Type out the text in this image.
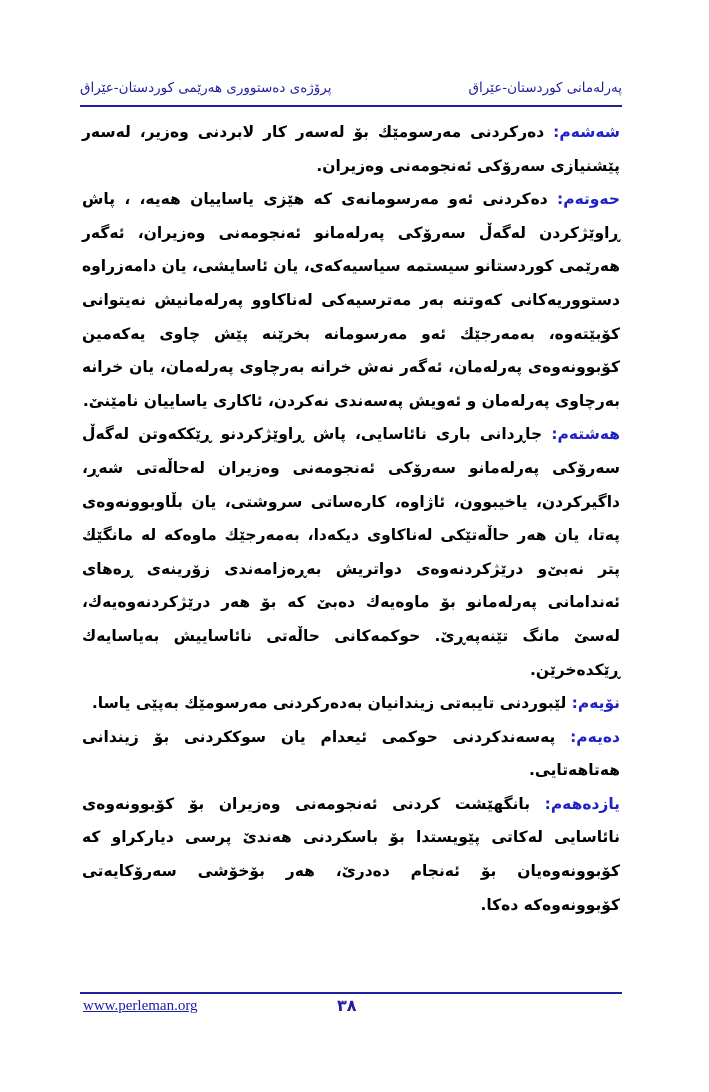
پەرلەمانی کوردستان-عێراق
پرۆژەی دەستووری هەرێمی کوردستان-عێراق

شەشەم: دەرکردنی مەرسومێك بۆ لەسەر کار لابردنی وەزیر، لەسەر پێشنیازی سەرۆکی ئەنجومەنی وەزیران.

حەوتەم: دەکردنی ئەو مەرسومانەی کە هێزی یاساییان هەیە، ، پاش ڕاوێژکردن لەگەڵ سەرۆکی پەرلەمانو ئەنجومەنی وەزیران، ئەگەر هەرێمی کوردستانو سیستمە سیاسیەکەی، یان ئاسایشی، یان دامەزراوە دستووریەکانی کەوتنە بەر مەترسیەکی لەناکاوو پەرلەمانیش نەیتوانی کۆبێتەوە، بەمەرجێك ئەو مەرسومانە بخرێنە پێش چاوی یەکەمین کۆبوونەوەی پەرلەمان، ئەگەر نەش خرانە بەرچاوی پەرلەمان، یان خرانە بەرچاوی پەرلەمان و ئەویش پەسەندی نەکردن، ئاکاری یاساییان نامێنێ.

هەشتەم: جاڕدانی باری نائاسایی، پاش ڕاوێژکردنو ڕێککەوتن لەگەڵ سەرۆکی پەرلەمانو سەرۆکی ئەنجومەنی وەزیران لەحاڵەتی شەڕ، داگیرکردن، یاخیبوون، ئاژاوە، کارەساتی سروشتی، یان بڵاوبوونەوەی پەتا، یان هەر حاڵەتێکی لەناکاوی دیکەدا، بەمەرجێك ماوەکە لە مانگێك پتر نەبێ‌و درێژکردنەوەی دواتریش بەڕەزامەندی زۆرینەی ڕەهای ئەندامانی پەرلەمانو بۆ ماوەیەك دەبێ کە بۆ هەر درێژکردنەوەیەك، لەسێ مانگ تێنەپەڕێ. حوکمەکانی حاڵەتی نائاساییش بەیاسایەك ڕێکدەخرێن.

نۆیەم: لێبوردنی تایبەتی زیندانیان بەدەرکردنی مەرسومێك بەپێی یاسا.

دەیەم: پەسەندکردنی حوکمی ئیعدام یان سوککردنی بۆ زیندانی هەتاهەتایی.

یازدەهەم: بانگهێشت کردنی ئەنجومەنی وەزیران بۆ کۆبوونەوەی نائاسایی لەکاتی پێویستدا بۆ باسکردنی هەندێ پرسی دیارکراو کە کۆبوونەوەیان بۆ ئەنجام دەدرێ، هەر بۆخۆشی سەرۆکایەتی کۆبوونەوەکە دەکا.

www.perleman.org	٣٨
